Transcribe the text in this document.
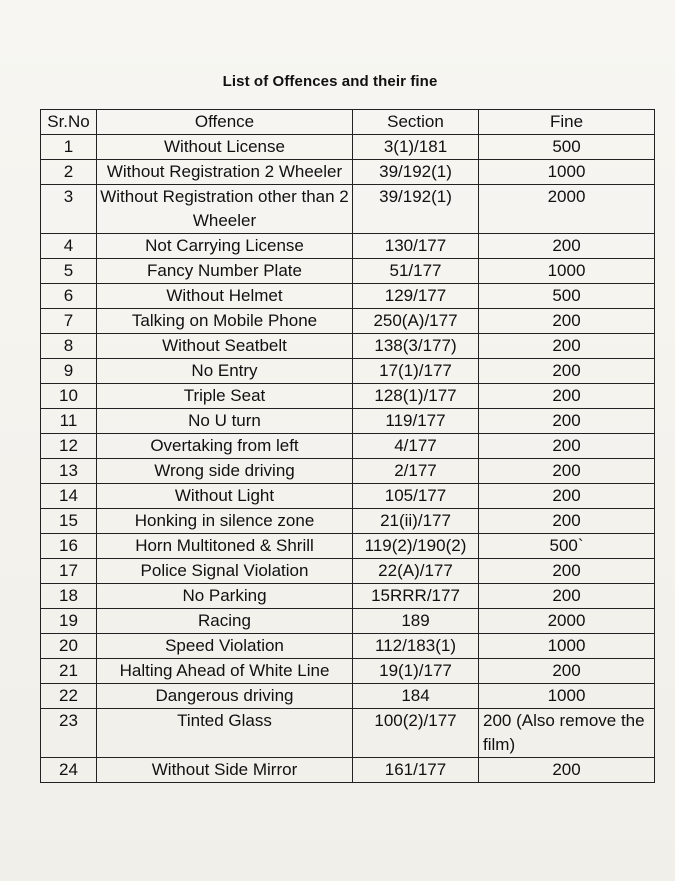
List of Offences and their fine
Sr.No	Offence	Section	Fine
1	Without License	3(1)/181	500
2	Without Registration 2 Wheeler	39/192(1)	1000
3	Without Registration other than 2 Wheeler	39/192(1)	2000
4	Not Carrying License	130/177	200
5	Fancy Number Plate	51/177	1000
6	Without Helmet	129/177	500
7	Talking on Mobile Phone	250(A)/177	200
8	Without Seatbelt	138(3/177)	200
9	No Entry	17(1)/177	200
10	Triple Seat	128(1)/177	200
11	No U turn	119/177	200
12	Overtaking from left	4/177	200
13	Wrong side driving	2/177	200
14	Without Light	105/177	200
15	Honking in silence zone	21(ii)/177	200
16	Horn Multitoned & Shrill	119(2)/190(2)	500`
17	Police Signal Violation	22(A)/177	200
18	No Parking	15RRR/177	200
19	Racing	189	2000
20	Speed Violation	112/183(1)	1000
21	Halting Ahead of White Line	19(1)/177	200
22	Dangerous driving	184	1000
23	Tinted Glass	100(2)/177	200 (Also remove the film)
24	Without Side Mirror	161/177	200
